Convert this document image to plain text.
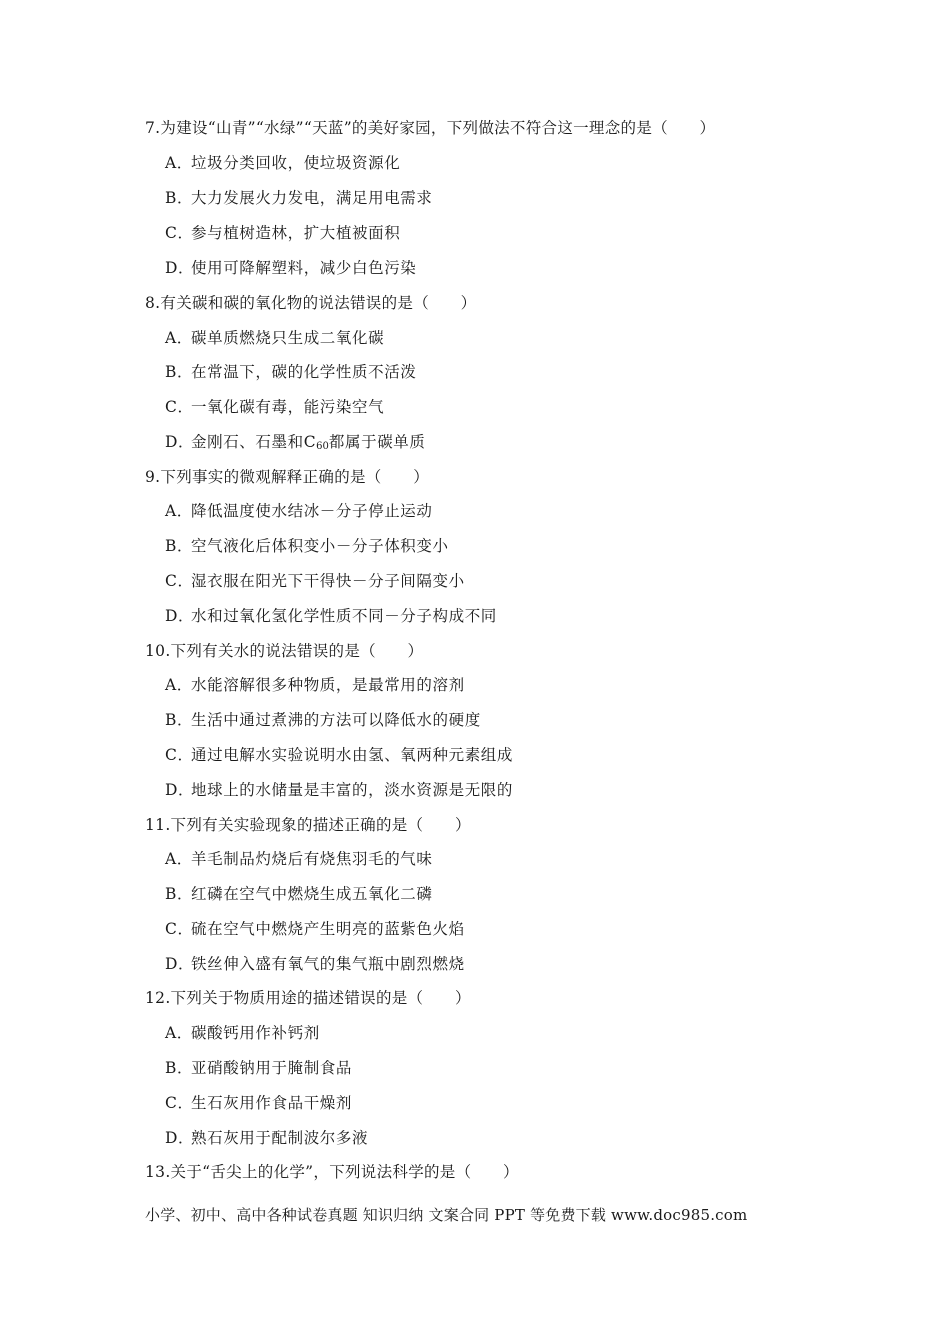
7.为建设“山青”“水绿”“天蓝”的美好家园，下列做法不符合这一理念的是（　　）
A．垃圾分类回收，使垃圾资源化
B．大力发展火力发电，满足用电需求
C．参与植树造林，扩大植被面积
D．使用可降解塑料，减少白色污染
8.有关碳和碳的氧化物的说法错误的是（　　）
A．碳单质燃烧只生成二氧化碳
B．在常温下，碳的化学性质不活泼
C．一氧化碳有毒，能污染空气
D．金刚石、石墨和$C_{60}$都属于碳单质
9.下列事实的微观解释正确的是（　　）
A．降低温度使水结冰－分子停止运动
B．空气液化后体积变小－分子体积变小
C．湿衣服在阳光下干得快－分子间隔变小
D．水和过氧化氢化学性质不同－分子构成不同
10.下列有关水的说法错误的是（　　）
A．水能溶解很多种物质，是最常用的溶剂
B．生活中通过煮沸的方法可以降低水的硬度
C．通过电解水实验说明水由氢、氧两种元素组成
D．地球上的水储量是丰富的，淡水资源是无限的
11.下列有关实验现象的描述正确的是（　　）
A．羊毛制品灼烧后有烧焦羽毛的气味
B．红磷在空气中燃烧生成五氧化二磷
C．硫在空气中燃烧产生明亮的蓝紫色火焰
D．铁丝伸入盛有氧气的集气瓶中剧烈燃烧
12.下列关于物质用途的描述错误的是（　　）
A．碳酸钙用作补钙剂
B．亚硝酸钠用于腌制食品
C．生石灰用作食品干燥剂
D．熟石灰用于配制波尔多液
13.关于“舌尖上的化学”，下列说法科学的是（　　）
小学、初中、高中各种试卷真题 知识归纳 文案合同 PPT 等免费下载 www.doc985.com
